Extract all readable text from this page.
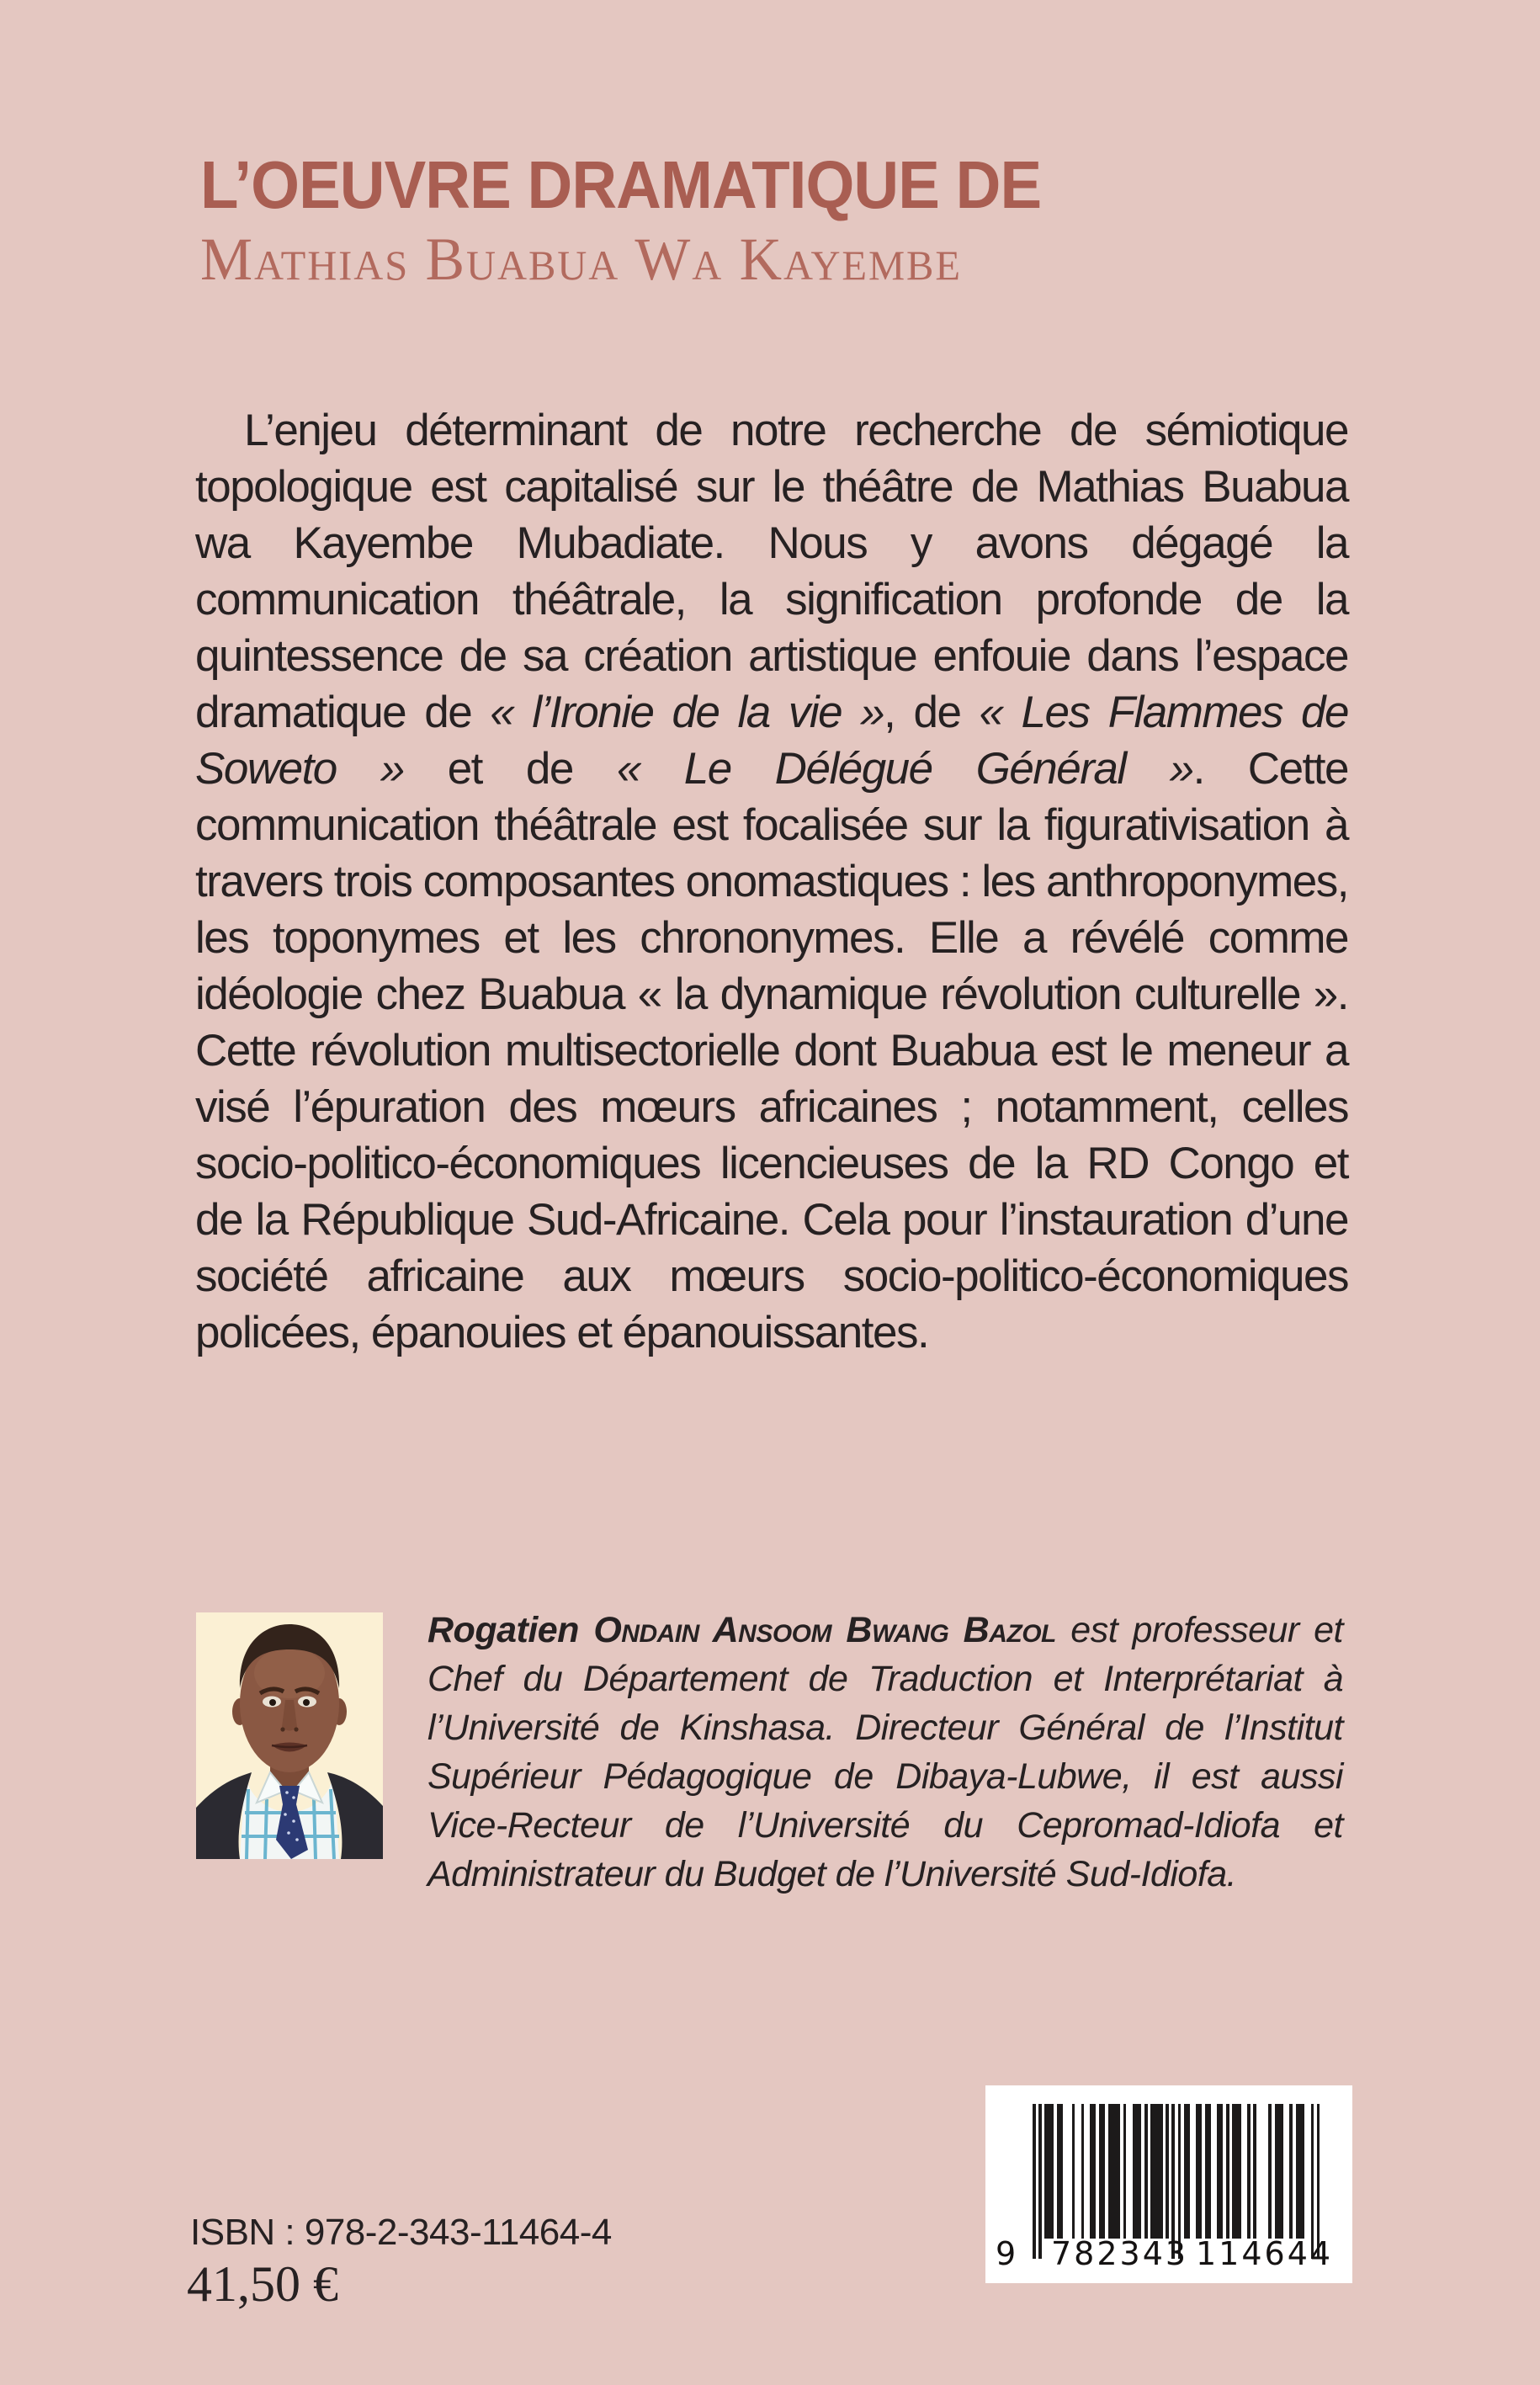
L’OEUVRE DRAMATIQUE DE
Mathias Buabua Wa Kayembe

L’enjeu déterminant de notre recherche de sémiotique topologique est capitalisé sur le théâtre de Mathias Buabua wa Kayembe Mubadiate. Nous y avons dégagé la communication théâtrale, la signification profonde de la quintessence de sa création artistique enfouie dans l’espace dramatique de « l’Ironie de la vie », de « Les Flammes de Soweto » et de « Le Délégué Général ». Cette communication théâtrale est focalisée sur la figurativisation à travers trois composantes onomastiques : les anthroponymes, les toponymes et les chrononymes. Elle a révélé comme idéologie chez Buabua « la dynamique révolution culturelle ». Cette révolution multisectorielle dont Buabua est le meneur a visé l’épuration des mœurs africaines ; notamment, celles socio-politico-économiques licencieuses de la RD Congo et de la République Sud-Africaine. Cela pour l’instauration d’une société africaine aux mœurs socio-politico-économiques policées, épanouies et épanouissantes.

Rogatien Ondain Ansoom Bwang Bazol est professeur et Chef du Département de Traduction et Interprétariat à l’Université de Kinshasa. Directeur Général de l’Institut Supérieur Pédagogique de Dibaya-Lubwe, il est aussi Vice-Recteur de l’Université du Cepromad-Idiofa et Administrateur du Budget de l’Université Sud-Idiofa.

ISBN : 978-2-343-11464-4
41,50 €
9 782343 114644
